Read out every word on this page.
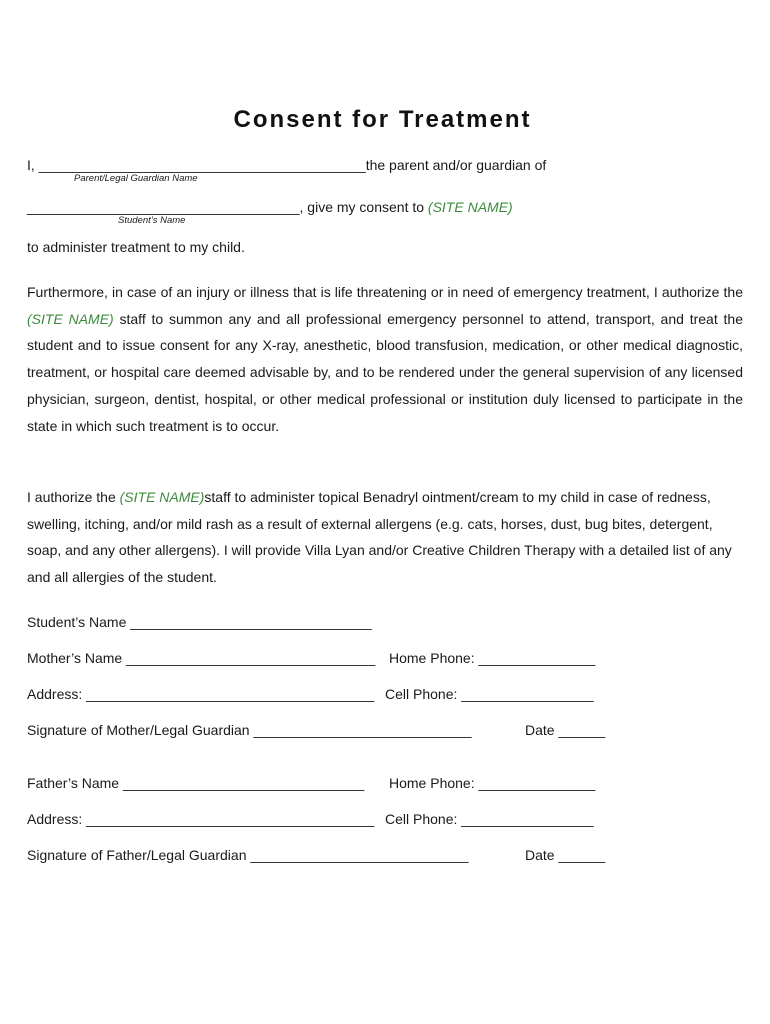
Consent for Treatment
I, __________________________________________the parent and/or guardian of
Parent/Legal Guardian Name
___________________________________, give my consent to (SITE NAME)
Student’s Name
to administer treatment to my child.

Furthermore, in case of an injury or illness that is life threatening or in need of emergency treatment, I authorize the (SITE NAME) staff to summon any and all professional emergency personnel to attend, transport, and treat the student and to issue consent for any X-ray, anesthetic, blood transfusion, medication, or other medical diagnostic, treatment, or hospital care deemed advisable by, and to be rendered under the general supervision of any licensed physician, surgeon, dentist, hospital, or other medical professional or institution duly licensed to participate in the state in which such treatment is to occur.

I authorize the (SITE NAME)staff to administer topical Benadryl ointment/cream to my child in case of redness, swelling, itching, and/or mild rash as a result of external allergens (e.g. cats, horses, dust, bug bites, detergent, soap, and any other allergens). I will provide Villa Lyan and/or Creative Children Therapy with a detailed list of any and all allergies of the student.

Student’s Name _______________________________
Mother’s Name ________________________________ Home Phone: _______________
Address: _____________________________________ Cell Phone: _________________
Signature of Mother/Legal Guardian ____________________________	Date ______
Father’s Name _______________________________ Home Phone: _______________
Address: _____________________________________ Cell Phone: _________________
Signature of Father/Legal Guardian ____________________________	Date ______
